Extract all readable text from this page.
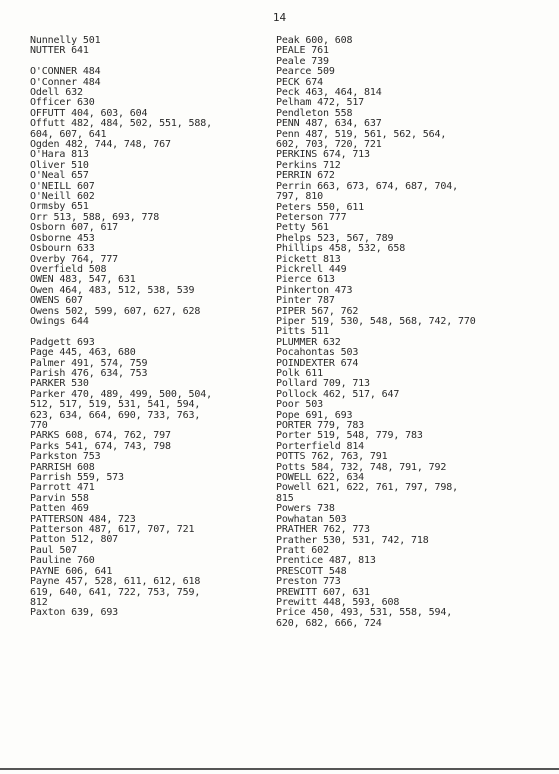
14
Nunnelly 501
NUTTER 641
O'CONNER 484
O'Conner 484
Odell 632
Officer 630
OFFUTT 404, 603, 604
Offutt 482, 484, 502, 551, 588,
604, 607, 641
Ogden 482, 744, 748, 767
O'Hara 813
Oliver 510
O'Neal 657
O'NEILL 607
O'Neill 602
Ormsby 651
Orr 513, 588, 693, 778
Osborn 607, 617
Osborne 453
Osbourn 633
Overby 764, 777
Overfield 508
OWEN 483, 547, 631
Owen 464, 483, 512, 538, 539
OWENS 607
Owens 502, 599, 607, 627, 628
Owings 644
Padgett 693
Page 445, 463, 680
Palmer 491, 574, 759
Parish 476, 634, 753
PARKER 530
Parker 470, 489, 499, 500, 504,
512, 517, 519, 531, 541, 594,
623, 634, 664, 690, 733, 763,
770
PARKS 608, 674, 762, 797
Parks 541, 674, 743, 798
Parkston 753
PARRISH 608
Parrish 559, 573
Parrott 471
Parvin 558
Patten 469
PATTERSON 484, 723
Patterson 487, 617, 707, 721
Patton 512, 807
Paul 507
Pauline 760
PAYNE 606, 641
Payne 457, 528, 611, 612, 618
619, 640, 641, 722, 753, 759,
812
Paxton 639, 693
Peak 600, 608
PEALE 761
Peale 739
Pearce 509
PECK 674
Peck 463, 464, 814
Pelham 472, 517
Pendleton 558
PENN 487, 634, 637
Penn 487, 519, 561, 562, 564,
602, 703, 720, 721
PERKINS 674, 713
Perkins 712
PERRIN 672
Perrin 663, 673, 674, 687, 704,
797, 810
Peters 550, 611
Peterson 777
Petty 561
Phelps 523, 567, 789
Phillips 458, 532, 658
Pickett 813
Pickrell 449
Pierce 613
Pinkerton 473
Pinter 787
PIPER 567, 762
Piper 519, 530, 548, 568, 742, 770
Pitts 511
PLUMMER 632
Pocahontas 503
POINDEXTER 674
Polk 611
Pollard 709, 713
Pollock 462, 517, 647
Poor 503
Pope 691, 693
PORTER 779, 783
Porter 519, 548, 779, 783
Porterfield 814
POTTS 762, 763, 791
Potts 584, 732, 748, 791, 792
POWELL 622, 634
Powell 621, 622, 761, 797, 798,
815
Powers 738
Powhatan 503
PRATHER 762, 773
Prather 530, 531, 742, 718
Pratt 602
Prentice 487, 813
PRESCOTT 548
Preston 773
PREWITT 607, 631
Prewitt 448, 593, 608
Price 450, 493, 531, 558, 594,
620, 682, 666, 724
